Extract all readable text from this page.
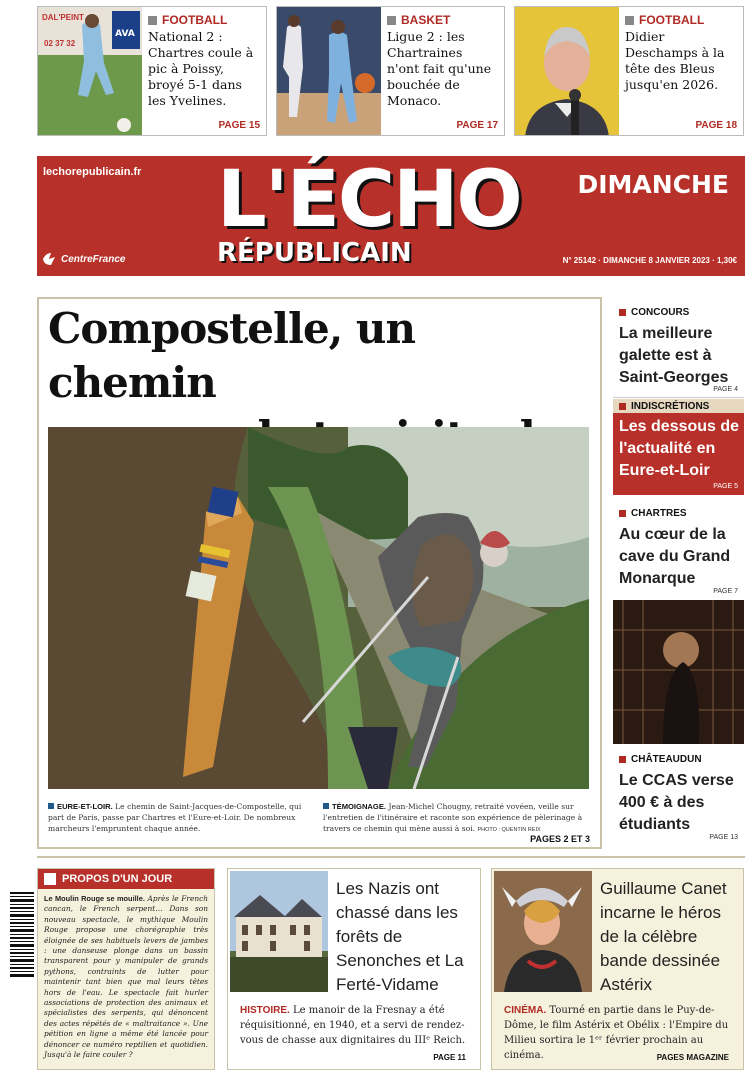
AVA
DAL'PEINT
02 37 32
FOOTBALL
National 2 : Chartres coule à pic à Poissy, broyé 5-1 dans les Yvelines.
PAGE 15
BASKET
Ligue 2 : les Chartraines n'ont fait qu'une bouchée de Monaco.
PAGE 17
FOOTBALL
Didier Deschamps à la tête des Bleus jusqu'en 2026.
PAGE 18
lechorepublicain.fr L'ÉCHO
RÉPUBLICAIN
DIMANCHE
CentreFrance	N° 25142 · DIMANCHE 8 JANVIER 2023 · 1,30€
Compostelle, un chemin

EURE-ET-LOIR. Le chemin de Saint-Jacques-de-Compostelle, qui part de Paris, passe par Chartres et l'Eure-et-Loir. De nombreux marcheurs l'empruntent chaque année.
TÉMOIGNAGE. Jean-Michel Chougny, retraité vovéen, veille sur l'entretien de l'itinéraire et raconte son expérience de pèlerinage à travers ce chemin qui mène aussi à soi. PHOTO : QUENTIN REIX
PAGES 2 ET 3
CONCOURS
La meilleure galette est à Saint-Georges
PAGE 4
INDISCRÉTIONS
Les dessous de l'actualité en Eure-et-Loir
PAGE 5
CHARTRES
Au cœur de la cave du Grand Monarque
PAGE 7
CHÂTEAUDUN
Le CCAS verse 400 € à des étudiants
PAGE 13
PROPOS D'UN JOUR
Le Moulin Rouge se mouille. Après le French cancan, le French serpent… Dans son nouveau spectacle, le mythique Moulin Rouge propose une chorégraphie très éloignée de ses habituels levers de jambes : une danseuse plonge dans un bassin transparent pour y manipuler de grands pythons, contraints de lutter pour maintenir tant bien que mal leurs têtes hors de l'eau. Le spectacle fait hurler associations de protection des animaux et spécialistes des serpents, qui dénoncent des actes répétés de « maltraitance ». Une pétition en ligne a même été lancée pour dénoncer ce numéro reptilien et quotidien. Jusqu'à le faire couler ?
Les Nazis ont chassé dans les forêts de Senonches et La Ferté-Vidame
HISTOIRE. Le manoir de la Fresnay a été réquisitionné, en 1940, et a servi de rendez-vous de chasse aux dignitaires du IIIᵉ Reich.
PAGE 11
Guillaume Canet incarne le héros de la célèbre bande dessinée Astérix
CINÉMA. Tourné en partie dans le Puy-de-Dôme, le film Astérix et Obélix : l'Empire du Milieu sortira le 1ᵉʳ février prochain au cinéma.	PAGES MAGAZINE
